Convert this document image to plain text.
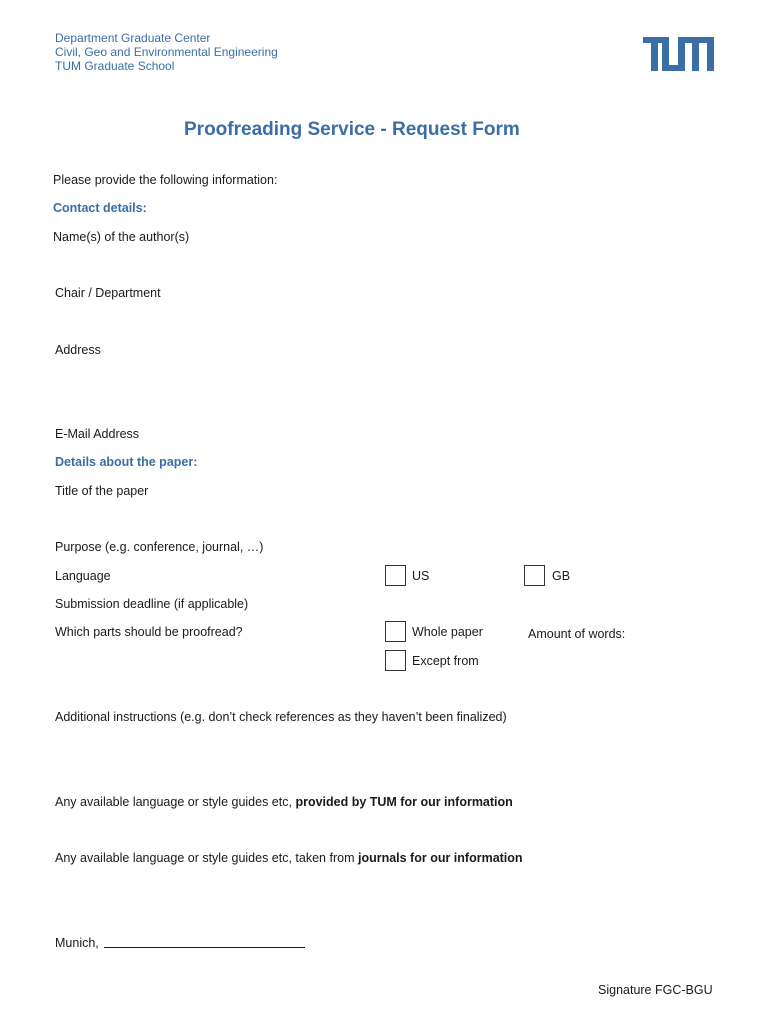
Department Graduate Center
Civil, Geo and Environmental Engineering
TUM Graduate School
Proofreading Service - Request Form
Please provide the following information:
Contact details:
Name(s) of the author(s)
Chair / Department
Address
E-Mail Address
Details about the paper:
Title of the paper
Purpose (e.g. conference, journal, …)
Language	US	GB
Submission deadline (if applicable)
Which parts should be proofread?	Whole paper	Amount of words:
Except from
Additional instructions (e.g. don’t check references as they haven’t been finalized)
Any available language or style guides etc, provided by TUM for our information
Any available language or style guides etc, taken from journals for our information
Munich,
Signature FGC-BGU
